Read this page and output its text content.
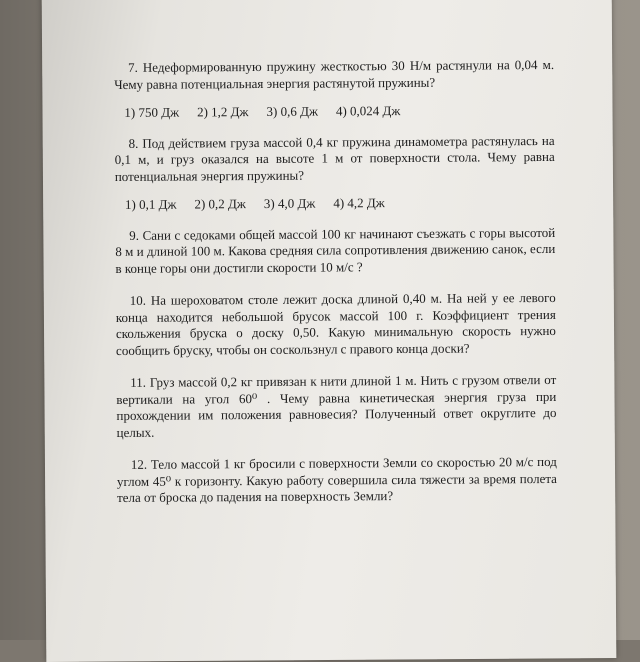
7. Недеформированную пружину жесткостью 30 Н/м растянули на 0,04 м. Чему равна потенциальная энергия растянутой пружины?

1) 750 Дж 2) 1,2 Дж 3) 0,6 Дж 4) 0,024 Дж

8. Под действием груза массой 0,4 кг пружина динамометра растянулась на 0,1 м, и груз оказался на высоте 1 м от поверхности стола. Чему равна потенциальная энергия пружины?

1) 0,1 Дж 2) 0,2 Дж 3) 4,0 Дж 4) 4,2 Дж

9. Сани с седоками общей массой 100 кг начинают съезжать с горы высотой 8 м и длиной 100 м. Какова средняя сила сопротивления движению санок, если в конце горы они достигли скорости 10 м/с ?

10. На шероховатом столе лежит доска длиной 0,40 м. На ней у ее левого конца находится небольшой брусок массой 100 г. Коэффициент трения скольжения бруска о доску 0,50. Какую минимальную скорость нужно сообщить бруску, чтобы он соскользнул с правого конца доски?

11. Груз массой 0,2 кг привязан к нити длиной 1 м. Нить с грузом отвели от вертикали на угол 60⁰ . Чему равна кинетическая энергия груза при прохождении им положения равновесия? Полученный ответ округлите до целых.

12. Тело массой 1 кг бросили с поверхности Земли со скоростью 20 м/с под углом 45⁰ к горизонту. Какую работу совершила сила тяжести за время полета тела от броска до падения на поверхность Земли?
